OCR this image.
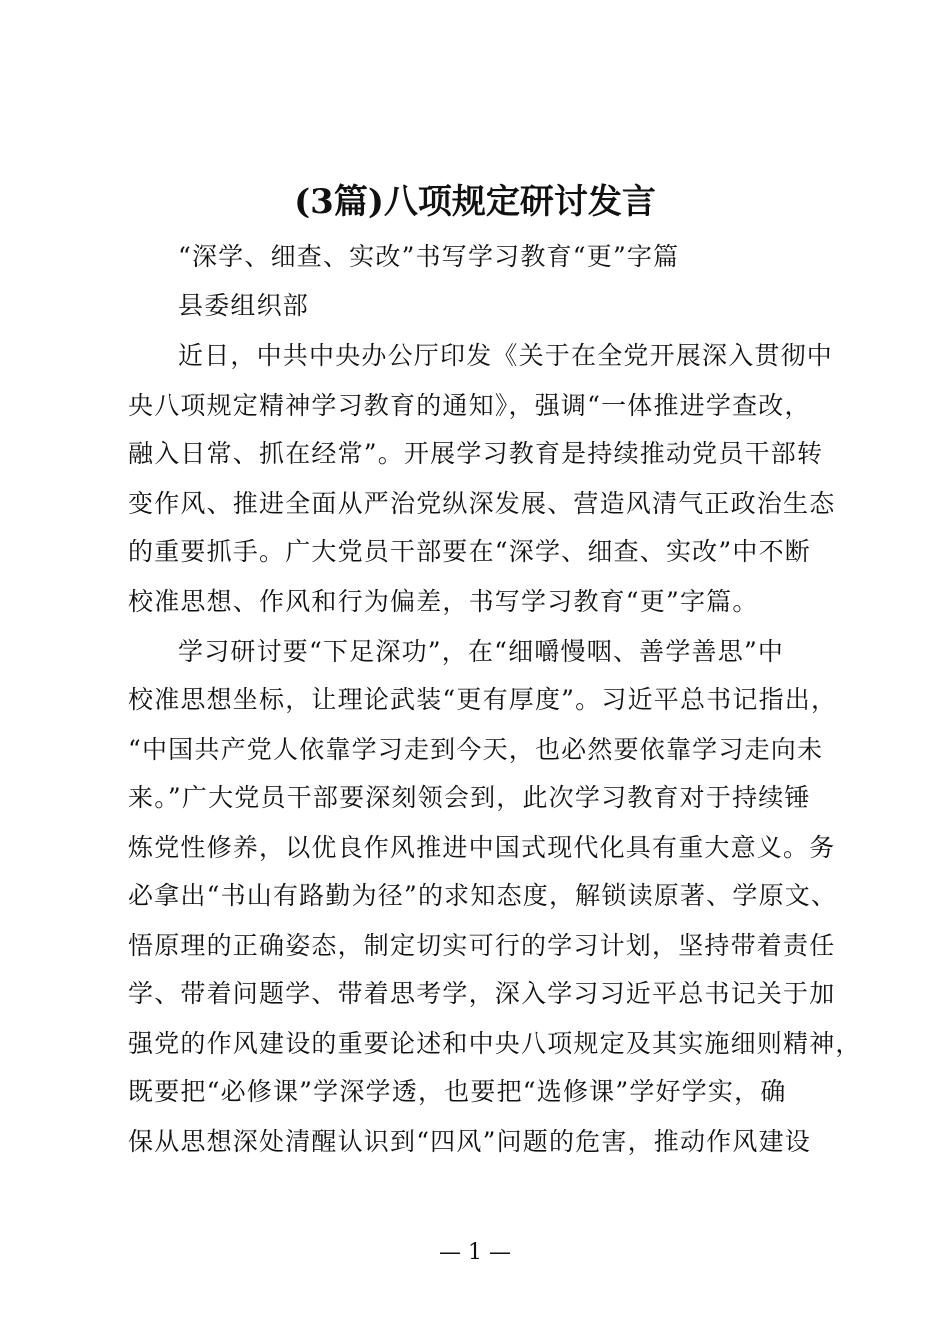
(3篇)八项规定研讨发言
“深学、细查、实改”书写学习教育“更”字篇
县委组织部
近日，中共中央办公厅印发《关于在全党开展深入贯彻中
央八项规定精神学习教育的通知》，强调“一体推进学查改，
融入日常、抓在经常”。开展学习教育是持续推动党员干部转
变作风、推进全面从严治党纵深发展、营造风清气正政治生态
的重要抓手。广大党员干部要在“深学、细查、实改”中不断
校准思想、作风和行为偏差，书写学习教育“更”字篇。
学习研讨要“下足深功”，在“细嚼慢咽、善学善思”中
校准思想坐标，让理论武装“更有厚度”。习近平总书记指出，
“中国共产党人依靠学习走到今天，也必然要依靠学习走向未
来。”广大党员干部要深刻领会到，此次学习教育对于持续锤
炼党性修养，以优良作风推进中国式现代化具有重大意义。务
必拿出“书山有路勤为径”的求知态度，解锁读原著、学原文、
悟原理的正确姿态，制定切实可行的学习计划，坚持带着责任
学、带着问题学、带着思考学，深入学习习近平总书记关于加
强党的作风建设的重要论述和中央八项规定及其实施细则精神，
既要把“必修课”学深学透，也要把“选修课”学好学实，确
保从思想深处清醒认识到“四风”问题的危害，推动作风建设
— 1 —
